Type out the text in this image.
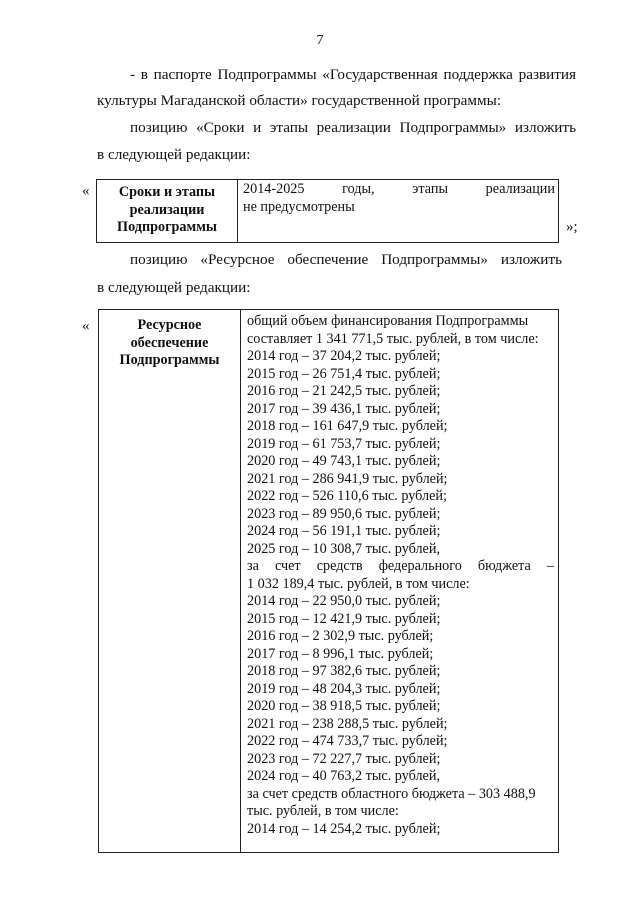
7
- в паспорте Подпрограммы «Государственная поддержка развития
культуры Магаданской области» государственной программы:
позицию «Сроки и этапы реализации Подпрограммы» изложить
в следующей редакции:
«	Сроки и этапы
реализации
Подпрограммы

2014-2025 годы, этапы реализации
не предусмотрены
»;
позицию «Ресурсное обеспечение Подпрограммы» изложить
в следующей редакции:
«	Ресурсное
обеспечение
Подпрограммы

общий объем финансирования Подпрограммы
составляет 1 341 771,5 тыс. рублей, в том числе:
2014 год – 37 204,2 тыс. рублей;
2015 год – 26 751,4 тыс. рублей;
2016 год – 21 242,5 тыс. рублей;
2017 год – 39 436,1 тыс. рублей;
2018 год – 161 647,9 тыс. рублей;
2019 год – 61 753,7 тыс. рублей;
2020 год – 49 743,1 тыс. рублей;
2021 год – 286 941,9 тыс. рублей;
2022 год – 526 110,6 тыс. рублей;
2023 год – 89 950,6 тыс. рублей;
2024 год – 56 191,1 тыс. рублей;
2025 год – 10 308,7 тыс. рублей,
за счет средств федерального бюджета –
1 032 189,4 тыс. рублей, в том числе:
2014 год – 22 950,0 тыс. рублей;
2015 год – 12 421,9 тыс. рублей;
2016 год – 2 302,9 тыс. рублей;
2017 год – 8 996,1 тыс. рублей;
2018 год – 97 382,6 тыс. рублей;
2019 год – 48 204,3 тыс. рублей;
2020 год – 38 918,5 тыс. рублей;
2021 год – 238 288,5 тыс. рублей;
2022 год – 474 733,7 тыс. рублей;
2023 год – 72 227,7 тыс. рублей;
2024 год – 40 763,2 тыс. рублей,
за счет средств областного бюджета – 303 488,9
тыс. рублей, в том числе:
2014 год – 14 254,2 тыс. рублей;
